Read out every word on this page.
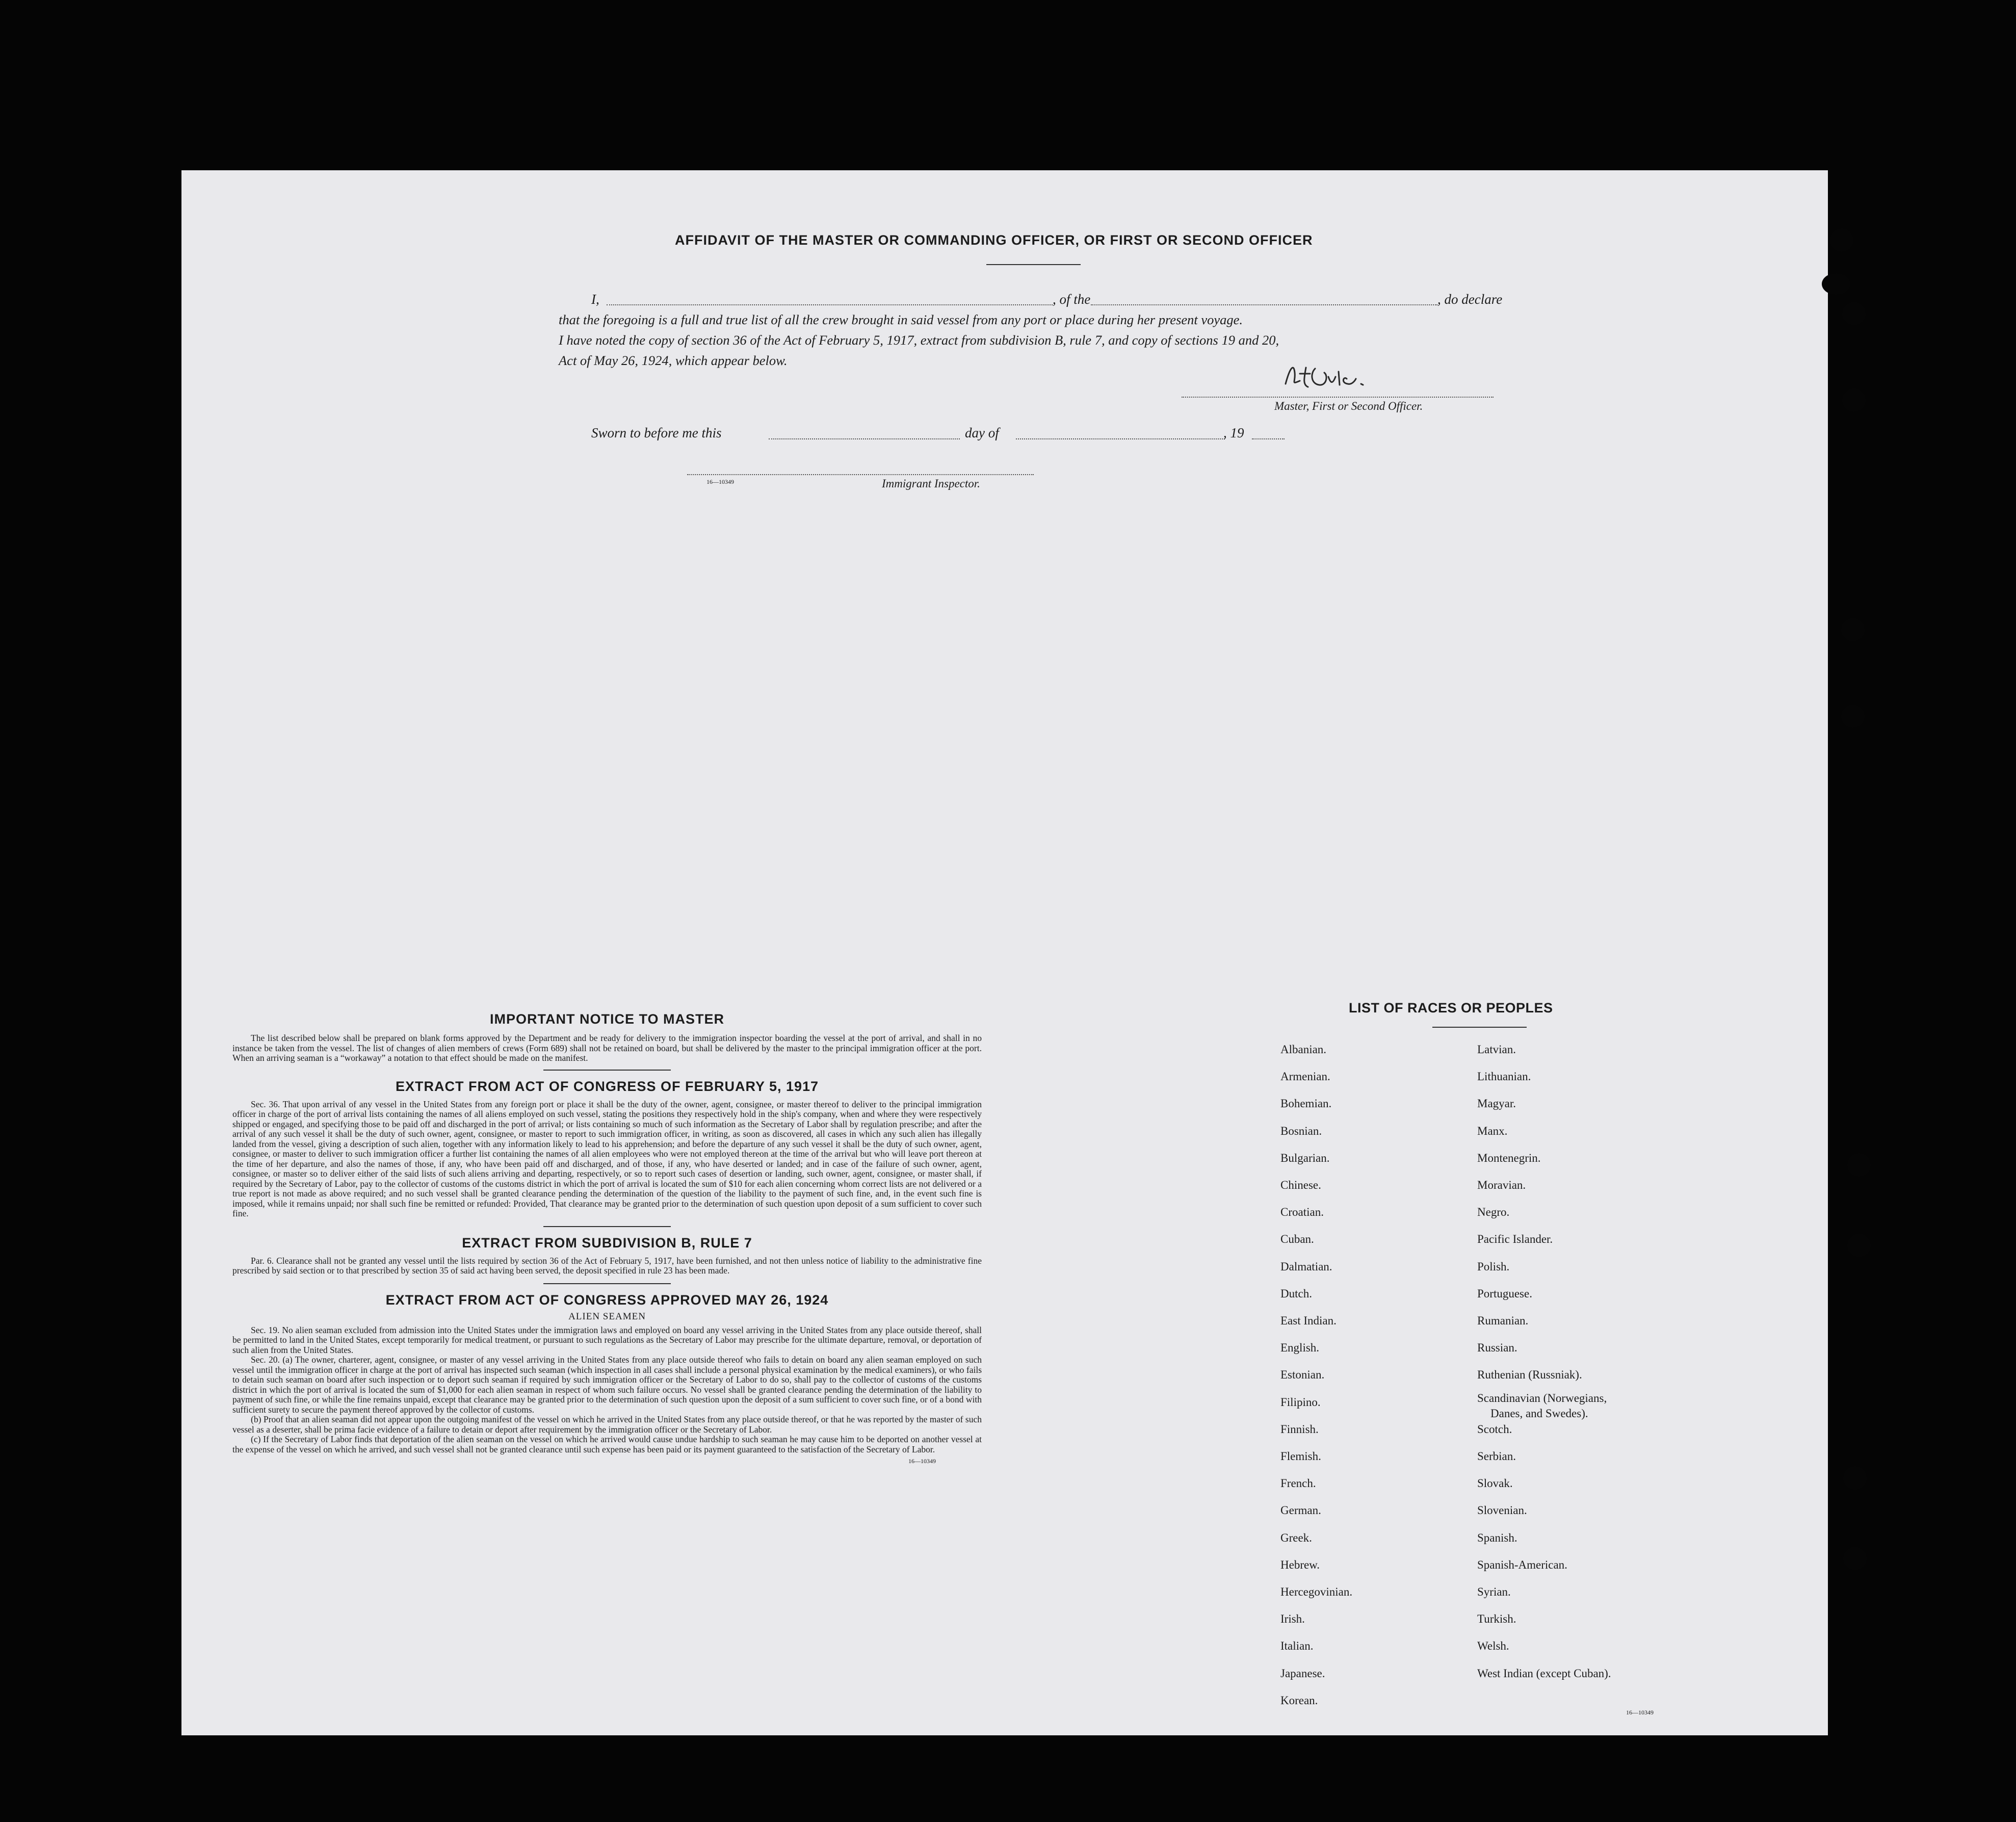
AFFIDAVIT OF THE MASTER OR COMMANDING OFFICER, OR FIRST OR SECOND OFFICER
I,	, of the	, do declare
that the foregoing is a full and true list of all the crew brought in said vessel from any port or place during her present voyage.
I have noted the copy of section 36 of the Act of February 5, 1917, extract from subdivision B, rule 7, and copy of sections 19 and 20,
Act of May 26, 1924, which appear below.
Master, First or Second Officer.
Sworn to before me this	day of	, 19
16—10349	Immigrant Inspector.
IMPORTANT NOTICE TO MASTER

The list described below shall be prepared on blank forms approved by the Department and be ready for delivery to the immigration inspector boarding the vessel at the port of arrival, and shall in no instance be taken from the vessel. The list of changes of alien members of crews (Form 689) shall not be retained on board, but shall be delivered by the master to the principal immigration officer at the port. When an arriving seaman is a “workaway” a notation to that effect should be made on the manifest.

EXTRACT FROM ACT OF CONGRESS OF FEBRUARY 5, 1917

Sec. 36. That upon arrival of any vessel in the United States from any foreign port or place it shall be the duty of the owner, agent, consignee, or master thereof to deliver to the principal immigration officer in charge of the port of arrival lists containing the names of all aliens employed on such vessel, stating the positions they respectively hold in the ship's company, when and where they were respectively shipped or engaged, and specifying those to be paid off and discharged in the port of arrival; or lists containing so much of such information as the Secretary of Labor shall by regulation prescribe; and after the arrival of any such vessel it shall be the duty of such owner, agent, consignee, or master to report to such immigration officer, in writing, as soon as discovered, all cases in which any such alien has illegally landed from the vessel, giving a description of such alien, together with any information likely to lead to his apprehension; and before the departure of any such vessel it shall be the duty of such owner, agent, consignee, or master to deliver to such immigration officer a further list containing the names of all alien employees who were not employed thereon at the time of the arrival but who will leave port thereon at the time of her departure, and also the names of those, if any, who have been paid off and discharged, and of those, if any, who have deserted or landed; and in case of the failure of such owner, agent, consignee, or master so to deliver either of the said lists of such aliens arriving and departing, respectively, or so to report such cases of desertion or landing, such owner, agent, consignee, or master shall, if required by the Secretary of Labor, pay to the collector of customs of the customs district in which the port of arrival is located the sum of $10 for each alien concerning whom correct lists are not delivered or a true report is not made as above required; and no such vessel shall be granted clearance pending the determination of the question of the liability to the payment of such fine, and, in the event such fine is imposed, while it remains unpaid; nor shall such fine be remitted or refunded: Provided, That clearance may be granted prior to the determination of such question upon deposit of a sum sufficient to cover such fine.

EXTRACT FROM SUBDIVISION B, RULE 7

Par. 6. Clearance shall not be granted any vessel until the lists required by section 36 of the Act of February 5, 1917, have been furnished, and not then unless notice of liability to the administrative fine prescribed by said section or to that prescribed by section 35 of said act having been served, the deposit specified in rule 23 has been made.

EXTRACT FROM ACT OF CONGRESS APPROVED MAY 26, 1924
ALIEN SEAMEN

Sec. 19. No alien seaman excluded from admission into the United States under the immigration laws and employed on board any vessel arriving in the United States from any place outside thereof, shall be permitted to land in the United States, except temporarily for medical treatment, or pursuant to such regulations as the Secretary of Labor may prescribe for the ultimate departure, removal, or deportation of such alien from the United States.

Sec. 20. (a) The owner, charterer, agent, consignee, or master of any vessel arriving in the United States from any place outside thereof who fails to detain on board any alien seaman employed on such vessel until the immigration officer in charge at the port of arrival has inspected such seaman (which inspection in all cases shall include a personal physical examination by the medical examiners), or who fails to detain such seaman on board after such inspection or to deport such seaman if required by such immigration officer or the Secretary of Labor to do so, shall pay to the collector of customs of the customs district in which the port of arrival is located the sum of $1,000 for each alien seaman in respect of whom such failure occurs. No vessel shall be granted clearance pending the determination of the liability to payment of such fine, or while the fine remains unpaid, except that clearance may be granted prior to the determination of such question upon the deposit of a sum sufficient to cover such fine, or of a bond with sufficient surety to secure the payment thereof approved by the collector of customs.

(b) Proof that an alien seaman did not appear upon the outgoing manifest of the vessel on which he arrived in the United States from any place outside thereof, or that he was reported by the master of such vessel as a deserter, shall be prima facie evidence of a failure to detain or deport after requirement by the immigration officer or the Secretary of Labor.

(c) If the Secretary of Labor finds that deportation of the alien seaman on the vessel on which he arrived would cause undue hardship to such seaman he may cause him to be deported on another vessel at the expense of the vessel on which he arrived, and such vessel shall not be granted clearance until such expense has been paid or its payment guaranteed to the satisfaction of the Secretary of Labor.

16—10349
LIST OF RACES OR PEOPLES
Albanian.
Armenian.
Bohemian.
Bosnian.
Bulgarian.
Chinese.
Croatian.
Cuban.
Dalmatian.
Dutch.
East Indian.
English.
Estonian.
Filipino.
Finnish.
Flemish.
French.
German.
Greek.
Hebrew.
Hercegovinian.
Irish.
Italian.
Japanese.
Korean.
Latvian.
Lithuanian.
Magyar.
Manx.
Montenegrin.
Moravian.
Negro.
Pacific Islander.
Polish.
Portuguese.
Rumanian.
Russian.
Ruthenian (Russniak).
Scandinavian (Norwegians,
Danes, and Swedes).
Scotch.
Serbian.
Slovak.
Slovenian.
Spanish.
Spanish-American.
Syrian.
Turkish.
Welsh.
West Indian (except Cuban).
16—10349
